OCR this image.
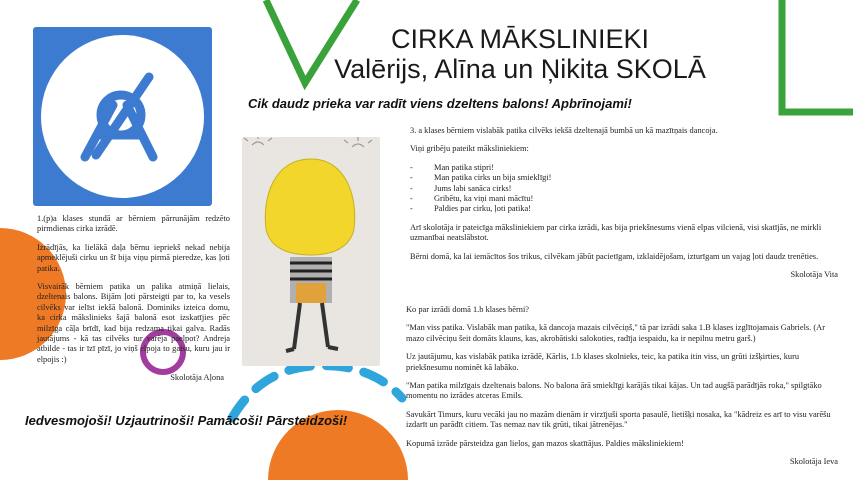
CIRKA MĀKSLINIEKI
Valērijs, Alīna un Ņikita SKOLĀ
Cik daudz prieka var radīt viens dzeltens balons! Apbrīnojami!

1.(p)a klases stundā ar bērniem pārrunājām redzēto pirmdienas cirka izrādē.

Izrādījās, ka lielākā daļa bērnu iepriekš nekad nebija apmeklējuši cirku un šī bija viņu pirmā pieredze, kas ļoti patika.

Visvairāk bērniem patika un palika atmiņā lielais, dzeltenais balons. Bijām ļoti pārsteigti par to, ka vesels cilvēks var ielīst iekšā balonā. Dominiks izteica domu, ka cirka mākslinieks šajā balonā esot izskatījies pēc milzīga cāļa brīdī, kad bija redzama tikai galva. Radās jautājums - kā tas cilvēks tur varēja paelpot? Andreja atbilde - tas ir īzī pīzī, jo viņš elpoja to gaisu, kuru jau ir elpojis :)

Skolotāja Aļona

3. a klases bērniem vislabāk patika cilvēks iekšā dzeltenajā bumbā un kā mazītņais dancoja.

Viņi gribēju pateikt māksliniekiem:

- Man patika stipri!
- Man patika cirks un bija smieklīgi!
- Jums labi sanāca cirks!
- Gribētu, ka viņi mani mācītu!
- Paldies par cirku, ļoti patika!

Arī skolotāja ir pateicīga māksliniekiem par cirka izrādi, kas bija priekšnesums vienā elpas vilcienā, visi skatījās, ne mirkli uzmanībai neatslābstot.

Bērni domā, ka lai iemācītos šos trikus, cilvēkam jābūt pacietīgam, izklaidējošam, izturīgam un vajag ļoti daudz trenēties.

Skolotāja Vita

Ko par izrādi domā 1.b klases bērni?

"Man viss patika. Vislabāk man patika, kā dancoja mazais cilvēciņš," tā par izrādi saka 1.B klases izglītojamais Gabriels. (Ar mazo cilvēciņu šeit domāts klauns, kas, akrobātiski salokoties, radīja iespaidu, ka ir nepilnu metru garš.)

Uz jautājumu, kas vislabāk patika izrādē, Kārlis, 1.b klases skolnieks, teic, ka patika itin viss, un grūti izšķirties, kuru priekšnesumu nominēt kā labāko.

"Man patika milzīgais dzeltenais balons. No balona ārā smieklīgi karājās tikai kājas. Un tad augšā parādījās roka," spilgtāko momentu no izrādes atceras Emils.

Savukārt Timurs, kuru vecāki jau no mazām dienām ir virzījuši sporta pasaulē, lietišķi nosaka, ka "kādreiz es arī to visu varēšu izdarīt un parādīt citiem. Tas nemaz nav tik grūti, tikai jātrenējas."

Kopumā izrāde pārsteidza gan lielos, gan mazos skatītājus. Paldies māksliniekiem!

Skolotāja Ieva

Iedvesmojoši! Uzjautrinoši! Pamācoši! Pārsteidzoši!
